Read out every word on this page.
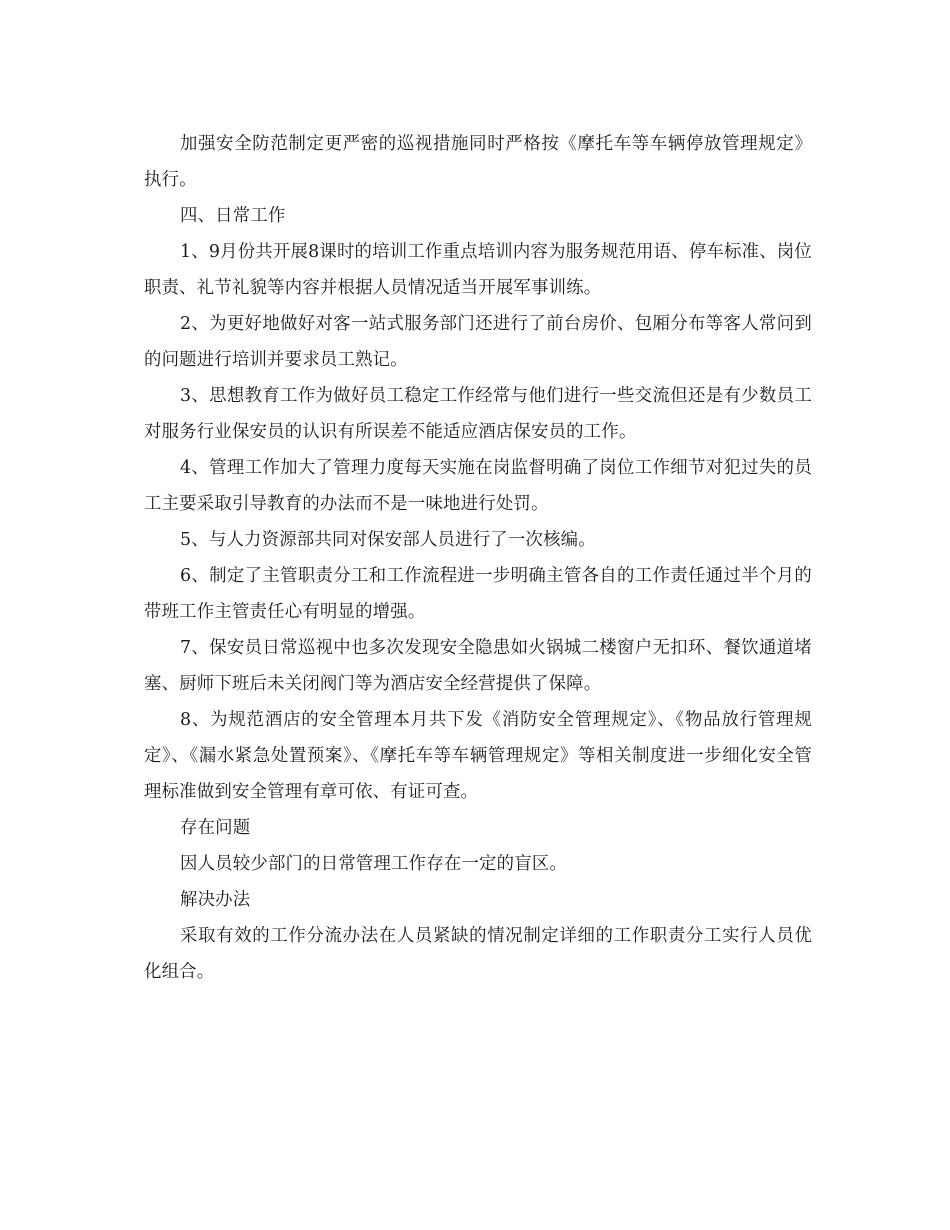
加强安全防范制定更严密的巡视措施同时严格按《摩托车等车辆停放管理规定》执行。

四、日常工作

1、9月份共开展8课时的培训工作重点培训内容为服务规范用语、停车标准、岗位职责、礼节礼貌等内容并根据人员情况适当开展军事训练。

2、为更好地做好对客一站式服务部门还进行了前台房价、包厢分布等客人常问到的问题进行培训并要求员工熟记。

3、思想教育工作为做好员工稳定工作经常与他们进行一些交流但还是有少数员工对服务行业保安员的认识有所误差不能适应酒店保安员的工作。

4、管理工作加大了管理力度每天实施在岗监督明确了岗位工作细节对犯过失的员工主要采取引导教育的办法而不是一味地进行处罚。

5、与人力资源部共同对保安部人员进行了一次核编。

6、制定了主管职责分工和工作流程进一步明确主管各自的工作责任通过半个月的带班工作主管责任心有明显的增强。

7、保安员日常巡视中也多次发现安全隐患如火锅城二楼窗户无扣环、餐饮通道堵塞、厨师下班后未关闭阀门等为酒店安全经营提供了保障。

8、为规范酒店的安全管理本月共下发《消防安全管理规定》、《物品放行管理规定》、《漏水紧急处置预案》、《摩托车等车辆管理规定》等相关制度进一步细化安全管理标准做到安全管理有章可依、有证可查。

存在问题

因人员较少部门的日常管理工作存在一定的盲区。

解决办法

采取有效的工作分流办法在人员紧缺的情况制定详细的工作职责分工实行人员优化组合。
